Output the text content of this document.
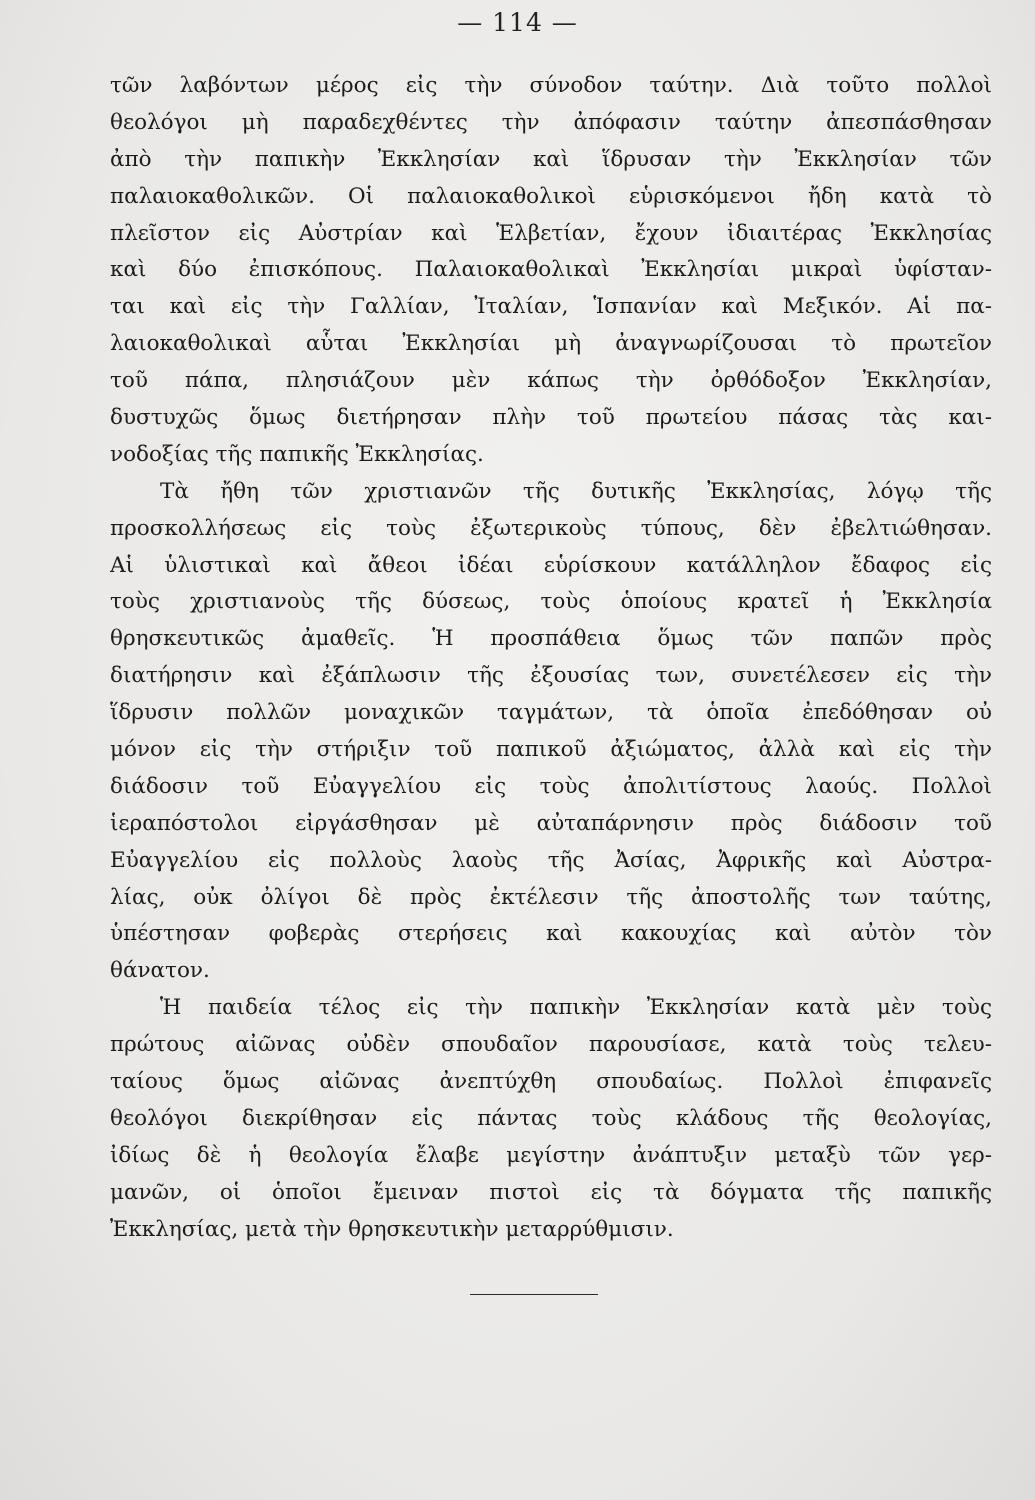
— 114 —
τῶν λαβόντων μέρος εἰς τὴν σύνοδον ταύτην. Διὰ τοῦτο πολλοὶ
θεολόγοι μὴ παραδεχθέντες τὴν ἀπόφασιν ταύτην ἀπεσπάσθησαν
ἀπὸ τὴν παπικὴν Ἐκκλησίαν καὶ ἵδρυσαν τὴν Ἐκκλησίαν τῶν
παλαιοκαθολικῶν. Οἱ παλαιοκαθολικοὶ εὑρισκόμενοι ἤδη κατὰ τὸ
πλεῖστον εἰς Αὐστρίαν καὶ Ἑλβετίαν, ἔχουν ἰδιαιτέρας Ἐκκλησίας
καὶ δύο ἐπισκόπους. Παλαιοκαθολικαὶ Ἐκκλησίαι μικραὶ ὑφίσταν-
ται καὶ εἰς τὴν Γαλλίαν, Ἰταλίαν, Ἱσπανίαν καὶ Μεξικόν. Αἱ πα-
λαιοκαθολικαὶ αὗται Ἐκκλησίαι μὴ ἀναγνωρίζουσαι τὸ πρωτεῖον
τοῦ πάπα, πλησιάζουν μὲν κάπως τὴν ὀρθόδοξον Ἐκκλησίαν,
δυστυχῶς ὅμως διετήρησαν πλὴν τοῦ πρωτείου πάσας τὰς και-
νοδοξίας τῆς παπικῆς Ἐκκλησίας.
Τὰ ἤθη τῶν χριστιανῶν τῆς δυτικῆς Ἐκκλησίας, λόγῳ τῆς
προσκολλήσεως εἰς τοὺς ἐξωτερικοὺς τύπους, δὲν ἐβελτιώθησαν.
Αἱ ὑλιστικαὶ καὶ ἄθεοι ἰδέαι εὑρίσκουν κατάλληλον ἔδαφος εἰς
τοὺς χριστιανοὺς τῆς δύσεως, τοὺς ὁποίους κρατεῖ ἡ Ἐκκλησία
θρησκευτικῶς ἀμαθεῖς. Ἡ προσπάθεια ὅμως τῶν παπῶν πρὸς
διατήρησιν καὶ ἐξάπλωσιν τῆς ἐξουσίας των, συνετέλεσεν εἰς τὴν
ἵδρυσιν πολλῶν μοναχικῶν ταγμάτων, τὰ ὁποῖα ἐπεδόθησαν οὐ
μόνον εἰς τὴν στήριξιν τοῦ παπικοῦ ἀξιώματος, ἀλλὰ καὶ εἰς τὴν
διάδοσιν τοῦ Εὐαγγελίου εἰς τοὺς ἀπολιτίστους λαούς. Πολλοὶ
ἱεραπόστολοι εἰργάσθησαν μὲ αὐταπάρνησιν πρὸς διάδοσιν τοῦ
Εὐαγγελίου εἰς πολλοὺς λαοὺς τῆς Ἀσίας, Ἀφρικῆς καὶ Αὐστρα-
λίας, οὐκ ὀλίγοι δὲ πρὸς ἐκτέλεσιν τῆς ἀποστολῆς των ταύτης,
ὑπέστησαν φοβερὰς στερήσεις καὶ κακουχίας καὶ αὐτὸν τὸν
θάνατον.
Ἡ παιδεία τέλος εἰς τὴν παπικὴν Ἐκκλησίαν κατὰ μὲν τοὺς
πρώτους αἰῶνας οὐδὲν σπουδαῖον παρουσίασε, κατὰ τοὺς τελευ-
ταίους ὅμως αἰῶνας ἀνεπτύχθη σπουδαίως. Πολλοὶ ἐπιφανεῖς
θεολόγοι διεκρίθησαν εἰς πάντας τοὺς κλάδους τῆς θεολογίας,
ἰδίως δὲ ἡ θεολογία ἔλαβε μεγίστην ἀνάπτυξιν μεταξὺ τῶν γερ-
μανῶν, οἱ ὁποῖοι ἔμειναν πιστοὶ εἰς τὰ δόγματα τῆς παπικῆς
Ἐκκλησίας, μετὰ τὴν θρησκευτικὴν μεταρρύθμισιν.
